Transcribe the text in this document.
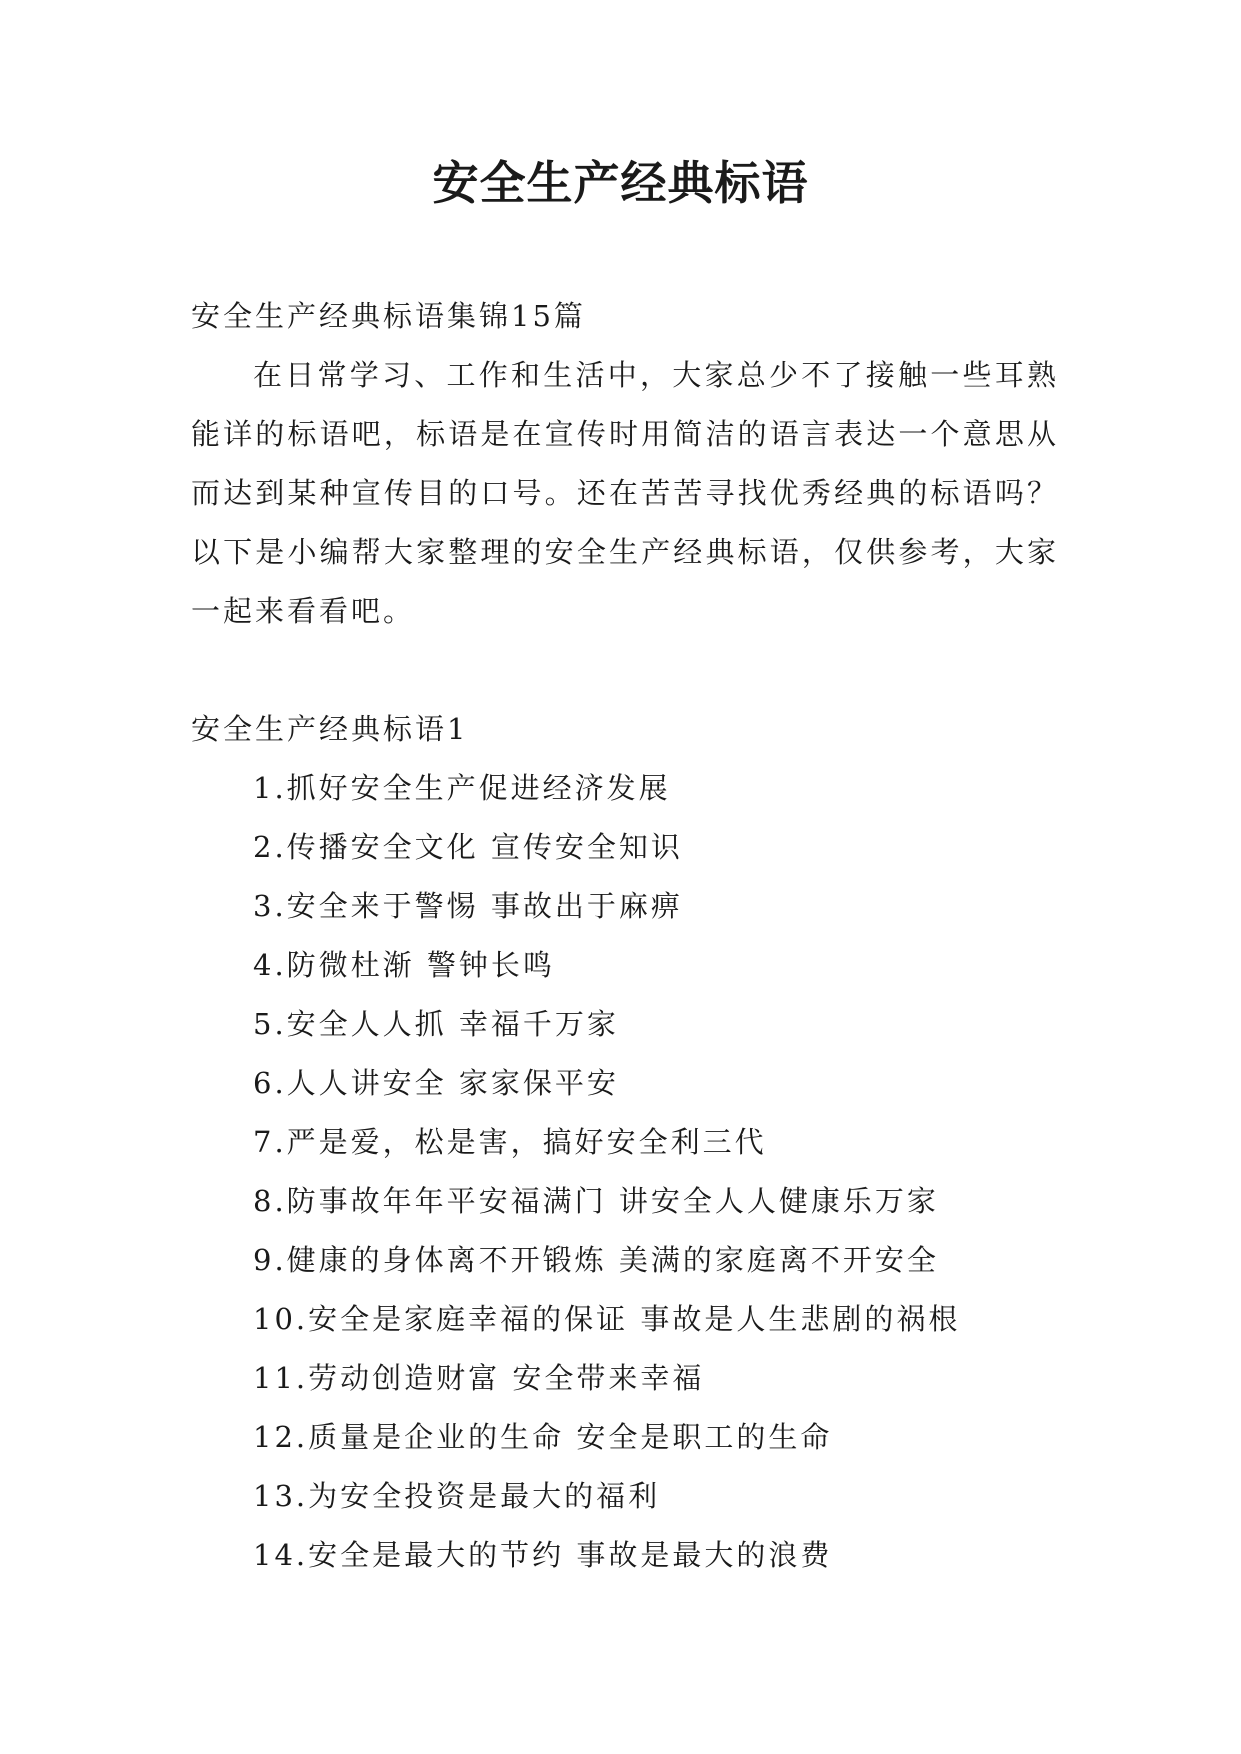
安全生产经典标语

安全生产经典标语集锦15篇

在日常学习、工作和生活中，大家总少不了接触一些耳熟能详的标语吧，标语是在宣传时用简洁的语言表达一个意思从而达到某种宣传目的口号。还在苦苦寻找优秀经典的标语吗？以下是小编帮大家整理的安全生产经典标语，仅供参考，大家一起来看看吧。

安全生产经典标语1

1.抓好安全生产促进经济发展
2.传播安全文化 宣传安全知识
3.安全来于警惕 事故出于麻痹
4.防微杜渐 警钟长鸣
5.安全人人抓 幸福千万家
6.人人讲安全 家家保平安
7.严是爱，松是害，搞好安全利三代
8.防事故年年平安福满门 讲安全人人健康乐万家
9.健康的身体离不开锻炼 美满的家庭离不开安全
10.安全是家庭幸福的保证 事故是人生悲剧的祸根
11.劳动创造财富 安全带来幸福
12.质量是企业的生命 安全是职工的生命
13.为安全投资是最大的福利
14.安全是最大的节约 事故是最大的浪费
